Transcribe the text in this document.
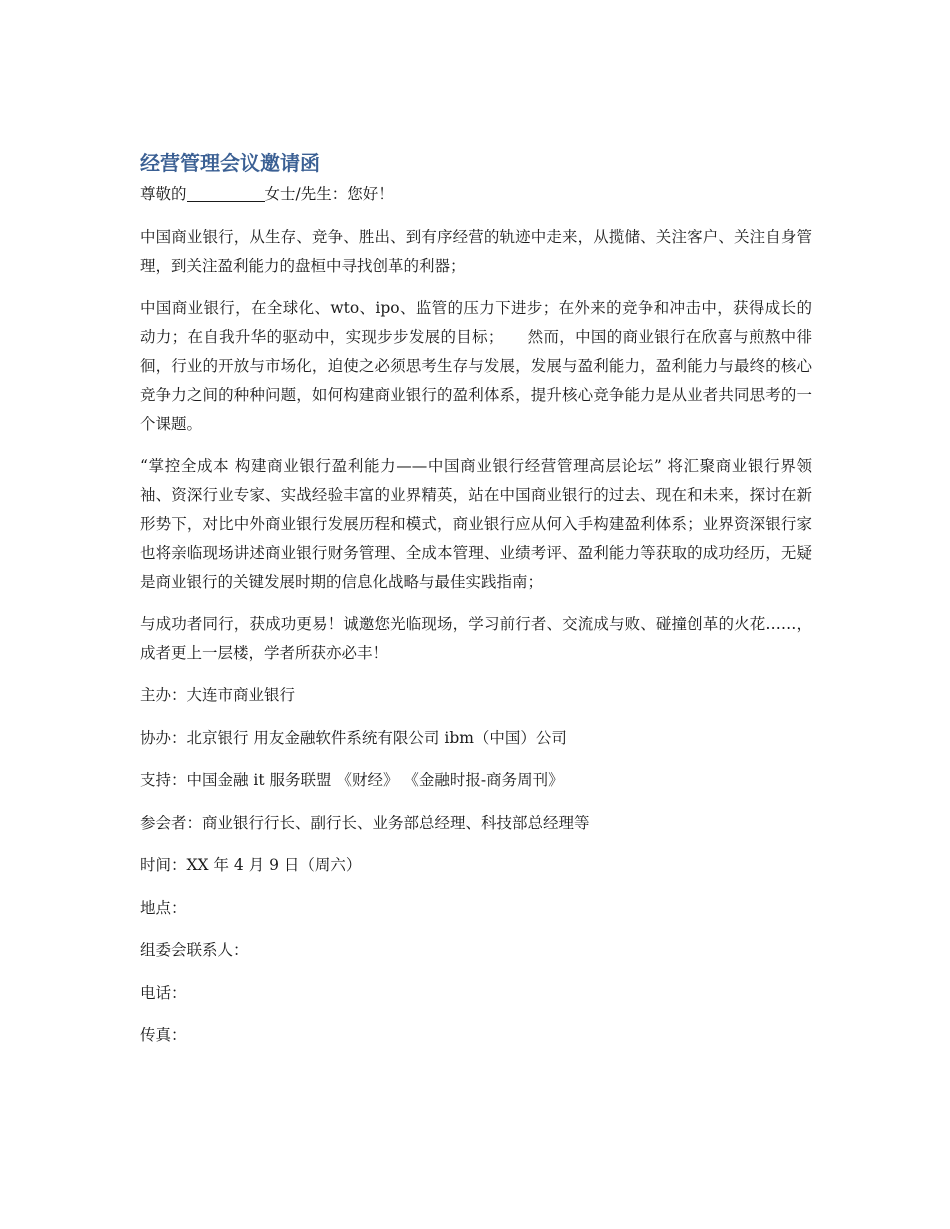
经营管理会议邀请函
尊敬的	女士/先生：您好！

中国商业银行，从生存、竞争、胜出、到有序经营的轨迹中走来，从揽储、关注客户、关注自身管理，到关注盈利能力的盘桓中寻找创革的利器；

中国商业银行，在全球化、wto、ipo、监管的压力下进步；在外来的竞争和冲击中，获得成长的动力；在自我升华的驱动中，实现步步发展的目标；　　然而，中国的商业银行在欣喜与煎熬中徘徊，行业的开放与市场化，迫使之必须思考生存与发展，发展与盈利能力，盈利能力与最终的核心竞争力之间的种种问题，如何构建商业银行的盈利体系，提升核心竞争能力是从业者共同思考的一个课题。

“掌控全成本 构建商业银行盈利能力——中国商业银行经营管理高层论坛” 将汇聚商业银行界领袖、资深行业专家、实战经验丰富的业界精英，站在中国商业银行的过去、现在和未来，探讨在新形势下，对比中外商业银行发展历程和模式，商业银行应从何入手构建盈利体系；业界资深银行家也将亲临现场讲述商业银行财务管理、全成本管理、业绩考评、盈利能力等获取的成功经历，无疑是商业银行的关键发展时期的信息化战略与最佳实践指南；

与成功者同行，获成功更易！诚邀您光临现场，学习前行者、交流成与败、碰撞创革的火花……，成者更上一层楼，学者所获亦必丰！

主办：大连市商业银行

协办：北京银行 用友金融软件系统有限公司 ibm（中国）公司

支持：中国金融 it 服务联盟 《财经》 《金融时报-商务周刊》

参会者：商业银行行长、副行长、业务部总经理、科技部总经理等

时间：XX 年 4 月 9 日（周六）

地点：

组委会联系人：

电话：

传真：
